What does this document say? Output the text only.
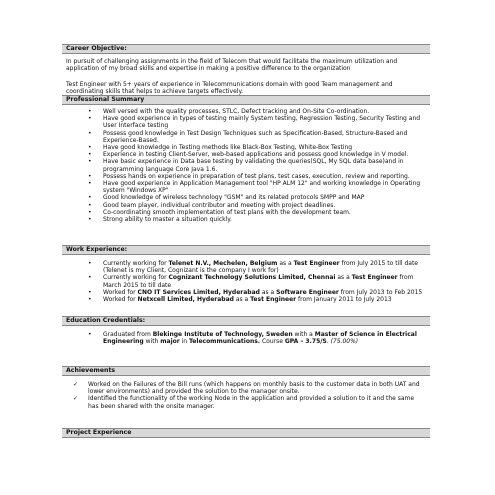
Career Objective:
In pursuit of challenging assignments in the field of Telecom that would facilitate the maximum utilization and application of my broad skills and expertise in making a positive difference to the organization
Test Engineer with 5+ years of experience in Telecommunications domain with good Team management and coordinating skills that helps to achieve targets effectively.
Professional Summary
• Well versed with the quality processes, STLC, Defect tracking and On-Site Co-ordination.
• Have good experience in types of testing mainly System testing, Regression Testing, Security Testing and User Interface testing
• Possess good knowledge in Test Design Techniques such as Specification-Based, Structure-Based and Experience-Based.
• Have good knowledge in Testing methods like Black-Box Testing, White-Box Testing
• Experience in testing Client-Server, web-based applications and possess good knowledge in V model.
• Have basic experience in Data base testing by validating the queries(SQL, My SQL data base)and in programming language Core Java 1.6.
• Possess hands on experience in preparation of test plans, test cases, execution, review and reporting.
• Have good experience in Application Management tool "HP ALM 12" and working knowledge in Operating system "Windows XP"
• Good knowledge of wireless technology "GSM" and its related protocols SMPP and MAP
• Good team player, individual contributor and meeting with project deadlines.
• Co-coordinating smooth implementation of test plans with the development team.
• Strong ability to master a situation quickly.
Work Experience:
• Currently working for Telenet N.V., Mechelen, Belgium as a Test Engineer from July 2015 to till date (Telenet is my Client, Cognizant is the company I work for)
• Currently working for Cognizant Technology Solutions Limited, Chennai as a Test Engineer from March 2015 to till date
• Worked for CNO IT Services Limited, Hyderabad as a Software Engineer from July 2013 to Feb 2015
• Worked for Netxcell Limited, Hyderabad as a Test Engineer from January 2011 to July 2013
Education Credentials:
• Graduated from Blekinge Institute of Technology, Sweden with a Master of Science in Electrical Engineering with major in Telecommunications. Course GPA – 3.75/S. (75.00%)
Achievements
✓ Worked on the Failures of the Bill runs (which happens on monthly basis to the customer data in both UAT and lower environments) and provided the solution to the manager onsite.
✓ Identified the functionality of the working Node in the application and provided a solution to it and the same has been shared with the onsite manager.
Project Experience
